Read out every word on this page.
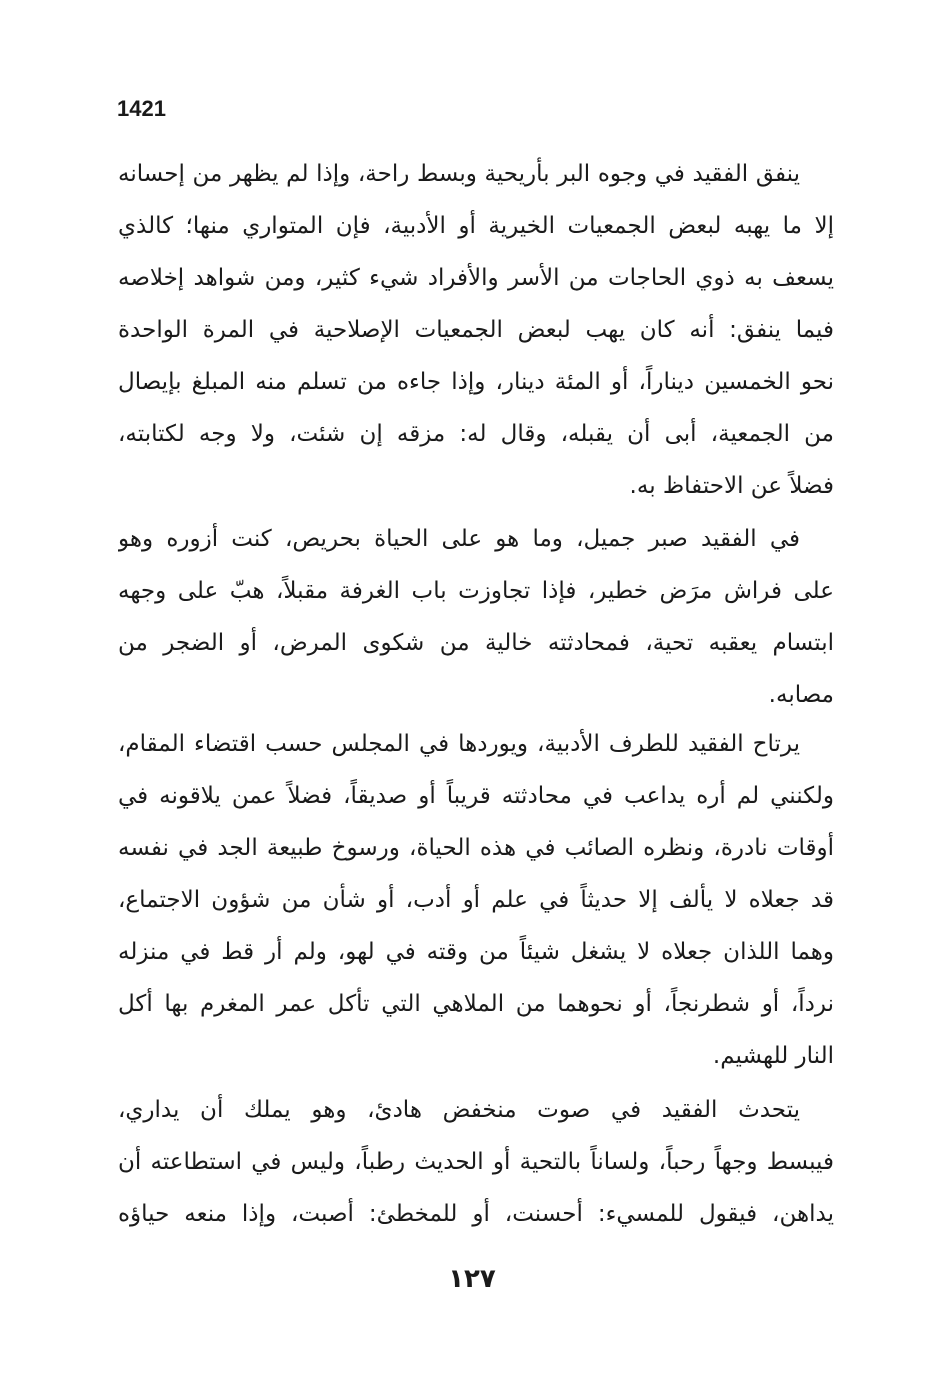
1421
ينفق الفقيد في وجوه البر بأريحية وبسط راحة، وإذا لم يظهر من إحسانه
إلا ما يهبه لبعض الجمعيات الخيرية أو الأدبية، فإن المتواري منها؛ كالذي
يسعف به ذوي الحاجات من الأسر والأفراد شيء كثير، ومن شواهد إخلاصه
فيما ينفق: أنه كان يهب لبعض الجمعيات الإصلاحية في المرة الواحدة
نحو الخمسين ديناراً، أو المئة دينار، وإذا جاءه من تسلم منه المبلغ بإيصال
من الجمعية، أبى أن يقبله، وقال له: مزقه إن شئت، ولا وجه لكتابته،
فضلاً عن الاحتفاظ به.
في الفقيد صبر جميل، وما هو على الحياة بحريص، كنت أزوره وهو
على فراش مرَض خطير، فإذا تجاوزت باب الغرفة مقبلاً، هبّ على وجهه
ابتسام يعقبه تحية، فمحادثته خالية من شكوى المرض، أو الضجر من
مصابه.
يرتاح الفقيد للطرف الأدبية، ويوردها في المجلس حسب اقتضاء المقام،
ولكنني لم أره يداعب في محادثته قريباً أو صديقاً، فضلاً عمن يلاقونه في
أوقات نادرة، ونظره الصائب في هذه الحياة، ورسوخ طبيعة الجد في نفسه
قد جعلاه لا يألف إلا حديثاً في علم أو أدب، أو شأن من شؤون الاجتماع،
وهما اللذان جعلاه لا يشغل شيئاً من وقته في لهو، ولم أر قط في منزله
نرداً، أو شطرنجاً، أو نحوهما من الملاهي التي تأكل عمر المغرم بها أكل
النار للهشيم.
يتحدث الفقيد في صوت منخفض هادئ، وهو يملك أن يداري،
فيبسط وجهاً رحباً، ولساناً بالتحية أو الحديث رطباً، وليس في استطاعته أن
يداهن، فيقول للمسيء: أحسنت، أو للمخطئ: أصبت، وإذا منعه حياؤه
١٢٧
